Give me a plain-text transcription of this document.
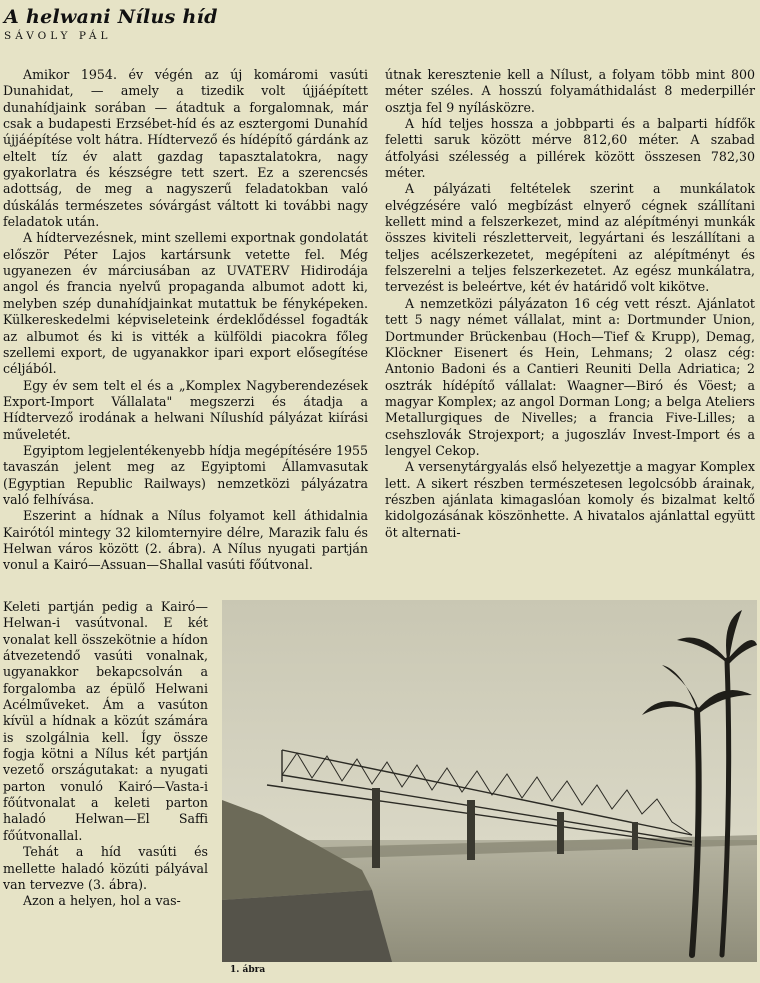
A helwani Nílus híd
SÁVOLY PÁL

Amikor 1954. év végén az új komáromi vasúti Dunahidat, — amely a tizedik volt újjáépített dunahídjaink sorában — átadtuk a forgalomnak, már csak a budapesti Erzsébet-híd és az esztergomi Dunahíd újjáépítése volt hátra. Hídtervező és hídépítő gárdánk az eltelt tíz év alatt gazdag tapasztalatokra, nagy gyakorlatra és készségre tett szert. Ez a szerencsés adottság, de meg a nagyszerű feladatokban való dúskálás természetes sóvárgást váltott ki további nagy feladatok után.

A hídtervezésnek, mint szellemi exportnak gondolatát először Péter Lajos kartársunk vetette fel. Még ugyanezen év márciusában az UVATERV Hidirodája angol és francia nyelvű propaganda albumot adott ki, melyben szép dunahídjainkat mutattuk be fényképeken. Külkereskedelmi képviseleteink érdeklődéssel fogadták az albumot és ki is vitték a külföldi piacokra főleg szellemi export, de ugyanakkor ipari export elősegítése céljából.

Egy év sem telt el és a „Komplex Nagyberendezések Export-Import Vállalata" megszerzi és átadja a Hídtervező irodának a helwani Nílushíd pályázat kiírási műveletét.

Egyiptom legjelentékenyebb hídja megépítésére 1955 tavaszán jelent meg az Egyiptomi Államvasutak (Egyptian Republic Railways) nemzetközi pályázatra való felhívása.

Eszerint a hídnak a Nílus folyamot kell áthidalnia Kairótól mintegy 32 kilomternyire délre, Marazik falu és Helwan város között (2. ábra). A Nílus nyugati partján vonul a Kairó—Assuan—Shallal vasúti főútvonal.

Keleti partján pedig a Kairó—Helwan-i vasútvonal. E két vonalat kell összekötnie a hídon átvezetendő vasúti vonalnak, ugyanakkor bekapcsolván a forgalomba az épülő Helwani Acélműveket. Ám a vasúton kívül a hídnak a közút számára is szolgálnia kell. Így össze fogja kötni a Nílus két partján vezető országutakat: a nyugati parton vonuló Kairó—Vasta-i főútvonalat a keleti parton haladó Helwan—El Saffi főútvonallal.

Tehát a híd vasúti és mellette haladó közúti pályával van tervezve (3. ábra).

Azon a helyen, hol a vas-

útnak keresztenie kell a Nílust, a folyam több mint 800 méter széles. A hosszú folyamáthidalást 8 mederpillér osztja fel 9 nyílásközre.

A híd teljes hossza a jobbparti és a balparti hídfők feletti saruk között mérve 812,60 méter. A szabad átfolyási szélesség a pillérek között összesen 782,30 méter.

A pályázati feltételek szerint a munkálatok elvégzésére való megbízást elnyerő cégnek szállítani kellett mind a felszerkezet, mind az alépítményi munkák összes kiviteli részletterveit, legyártani és leszállítani a teljes acélszerkezetet, megépíteni az alépítményt és felszerelni a teljes felszerkezetet. Az egész munkálatra, tervezést is beleértve, két év határidő volt kikötve.

A nemzetközi pályázaton 16 cég vett részt. Ajánlatot tett 5 nagy német vállalat, mint a: Dortmunder Union, Dortmunder Brückenbau (Hoch—Tief & Krupp), Demag, Klöckner Eisenert és Hein, Lehmans; 2 olasz cég: Antonio Badoni és a Cantieri Reuniti Della Adriatica; 2 osztrák hídépítő vállalat: Waagner—Biró és Vöest; a magyar Komplex; az angol Dorman Long; a belga Ateliers Metallurgiques de Nivelles; a francia Five-Lilles; a csehszlovák Strojexport; a jugoszláv Invest-Import és a lengyel Cekop.

A versenytárgyalás első helyezettje a magyar Komplex lett. A sikert részben természetesen legolcsóbb árainak, részben ajánlata kimagaslóan komoly és bizalmat keltő kidolgozásának köszönhette. A hivatalos ajánlattal együtt öt alternati-

1. ábra
